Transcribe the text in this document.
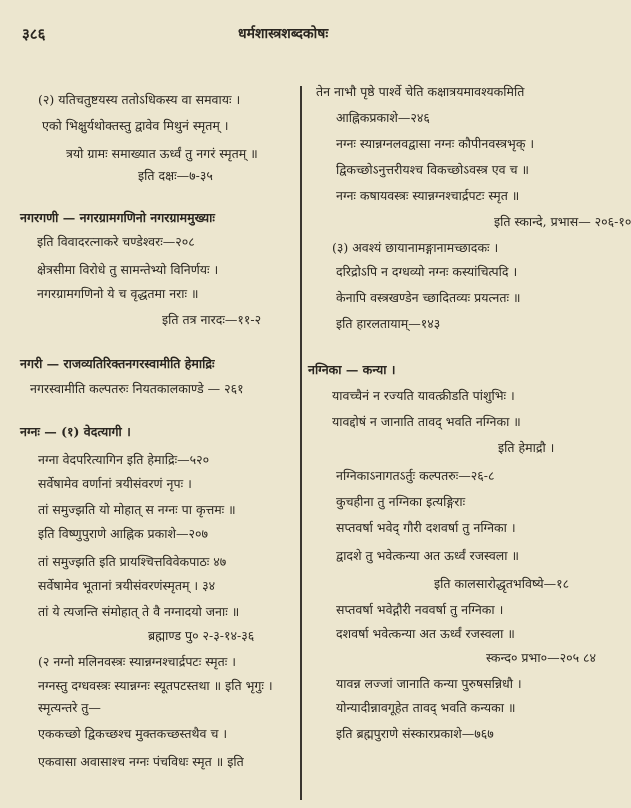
३८६	धर्मशास्त्रशब्दकोषः
(२) यतिचतुष्टयस्य ततोऽधिकस्य वा समवायः ।
एको भिक्षुर्यथोक्तस्तु द्वावेव मिथुनं स्मृतम् ।
त्रयो ग्रामः समाख्यात ऊर्ध्वं तु नगरं स्मृतम् ॥
इति दक्षः—७-३५
नगरगणी — नगरग्रामगणिनो नगरग्राममुख्याः
इति विवादरत्नाकरे चण्डेश्वरः—२०८
क्षेत्रसीमा विरोधे तु सामन्तेभ्यो विनिर्णयः ।
नगरग्रामगणिनो ये च वृद्धतमा नराः ॥
इति तत्र नारदः—११-२
नगरी — राजव्यतिरिक्तनगरस्वामीति हेमाद्रिः
नगरस्वामीति कल्पतरुः नियतकालकाण्डे — २६१
नग्नः — (१) वेदत्यागी ।
नग्ना वेदपरित्यागिन इति हेमाद्रिः—५२०
सर्वेषामेव वर्णानां त्रयीसंवरणं नृपः ।
तां समुज्झति यो मोहात् स नग्नः पा कृत्तमः ॥
इति विष्णुपुराणे आह्निक प्रकाशे—२०७
तां समुज्झति इति प्रायश्चित्तविवेकपाठः ४७
सर्वेषामेव भूतानां त्रयीसंवरणंस्मृतम् । ३४
तां ये त्यजन्ति संमोहात् ते वै नग्नादयो जनाः ॥
ब्रह्माण्ड पु० २-३-१४-३६
(२ नग्नो मलिनवस्त्रः स्यान्नग्नश्चार्द्रपटः स्मृतः ।
नग्नस्तु दग्धवस्त्रः स्यान्नग्नः स्यूतपटस्तथा ॥ इति भृगुः ।
स्मृत्यन्तरे तु—
एककच्छो द्विकच्छश्च मुक्तकच्छस्तथैव च ।
एकवासा अवासाश्च नग्नः पंचविधः स्मृत ॥ इति
तेन नाभौ पृष्ठे पार्श्वे चेति कक्षात्रयमावश्यकमिति
आह्निकप्रकाशे—२४६
नग्नः स्यान्नग्नलवद्वासा नग्नः कौपीनवस्त्रभृक् ।
द्विकच्छोऽनुत्तरीयश्च विकच्छोऽवस्त्र एव च ॥
नग्नः कषायवस्त्रः स्यान्नग्नश्चार्द्रपटः स्मृत ॥
इति स्कान्दे, प्रभास— २०६-१०
(३) अवश्यं छायानामङ्गानामच्छादकः ।
दरिद्रोऽपि न दग्धव्यो नग्नः कस्यांचित्पदि ।
केनापि वस्त्रखण्डेन च्छादितव्यः प्रयत्नतः ॥
इति हारलतायाम्—१४३
नग्निका — कन्या ।
यावच्चैनं न रज्यति यावत्क्रीडति पांशुभिः ।
यावद्दोषं न जानाति तावद् भवति नग्निका ॥
इति हेमाद्रौ ।
नग्निकाऽनागतऽर्तुः कल्पतरुः—२६-८
कुचहीना तु नग्निका इत्यङ्गिराः
सप्तवर्षा भवेद् गौरी दशवर्षा तु नग्निका ।
द्वादशे तु भवेत्कन्या अत ऊर्ध्वं रजस्वला ॥
इति कालसारोद्धृतभविष्ये—१८
सप्तवर्षा भवेद्गौरी नववर्षा तु नग्निका ।
दशवर्षा भवेत्कन्या अत ऊर्ध्वं रजस्वला ॥
स्कन्द० प्रभा०—२०५ ८४
यावन्न लज्जां जानाति कन्या पुरुषसन्निधौ ।
योन्यादीन्नावगूहेत तावद् भवति कन्यका ॥
इति ब्रह्मपुराणे संस्कारप्रकाशे—७६७
